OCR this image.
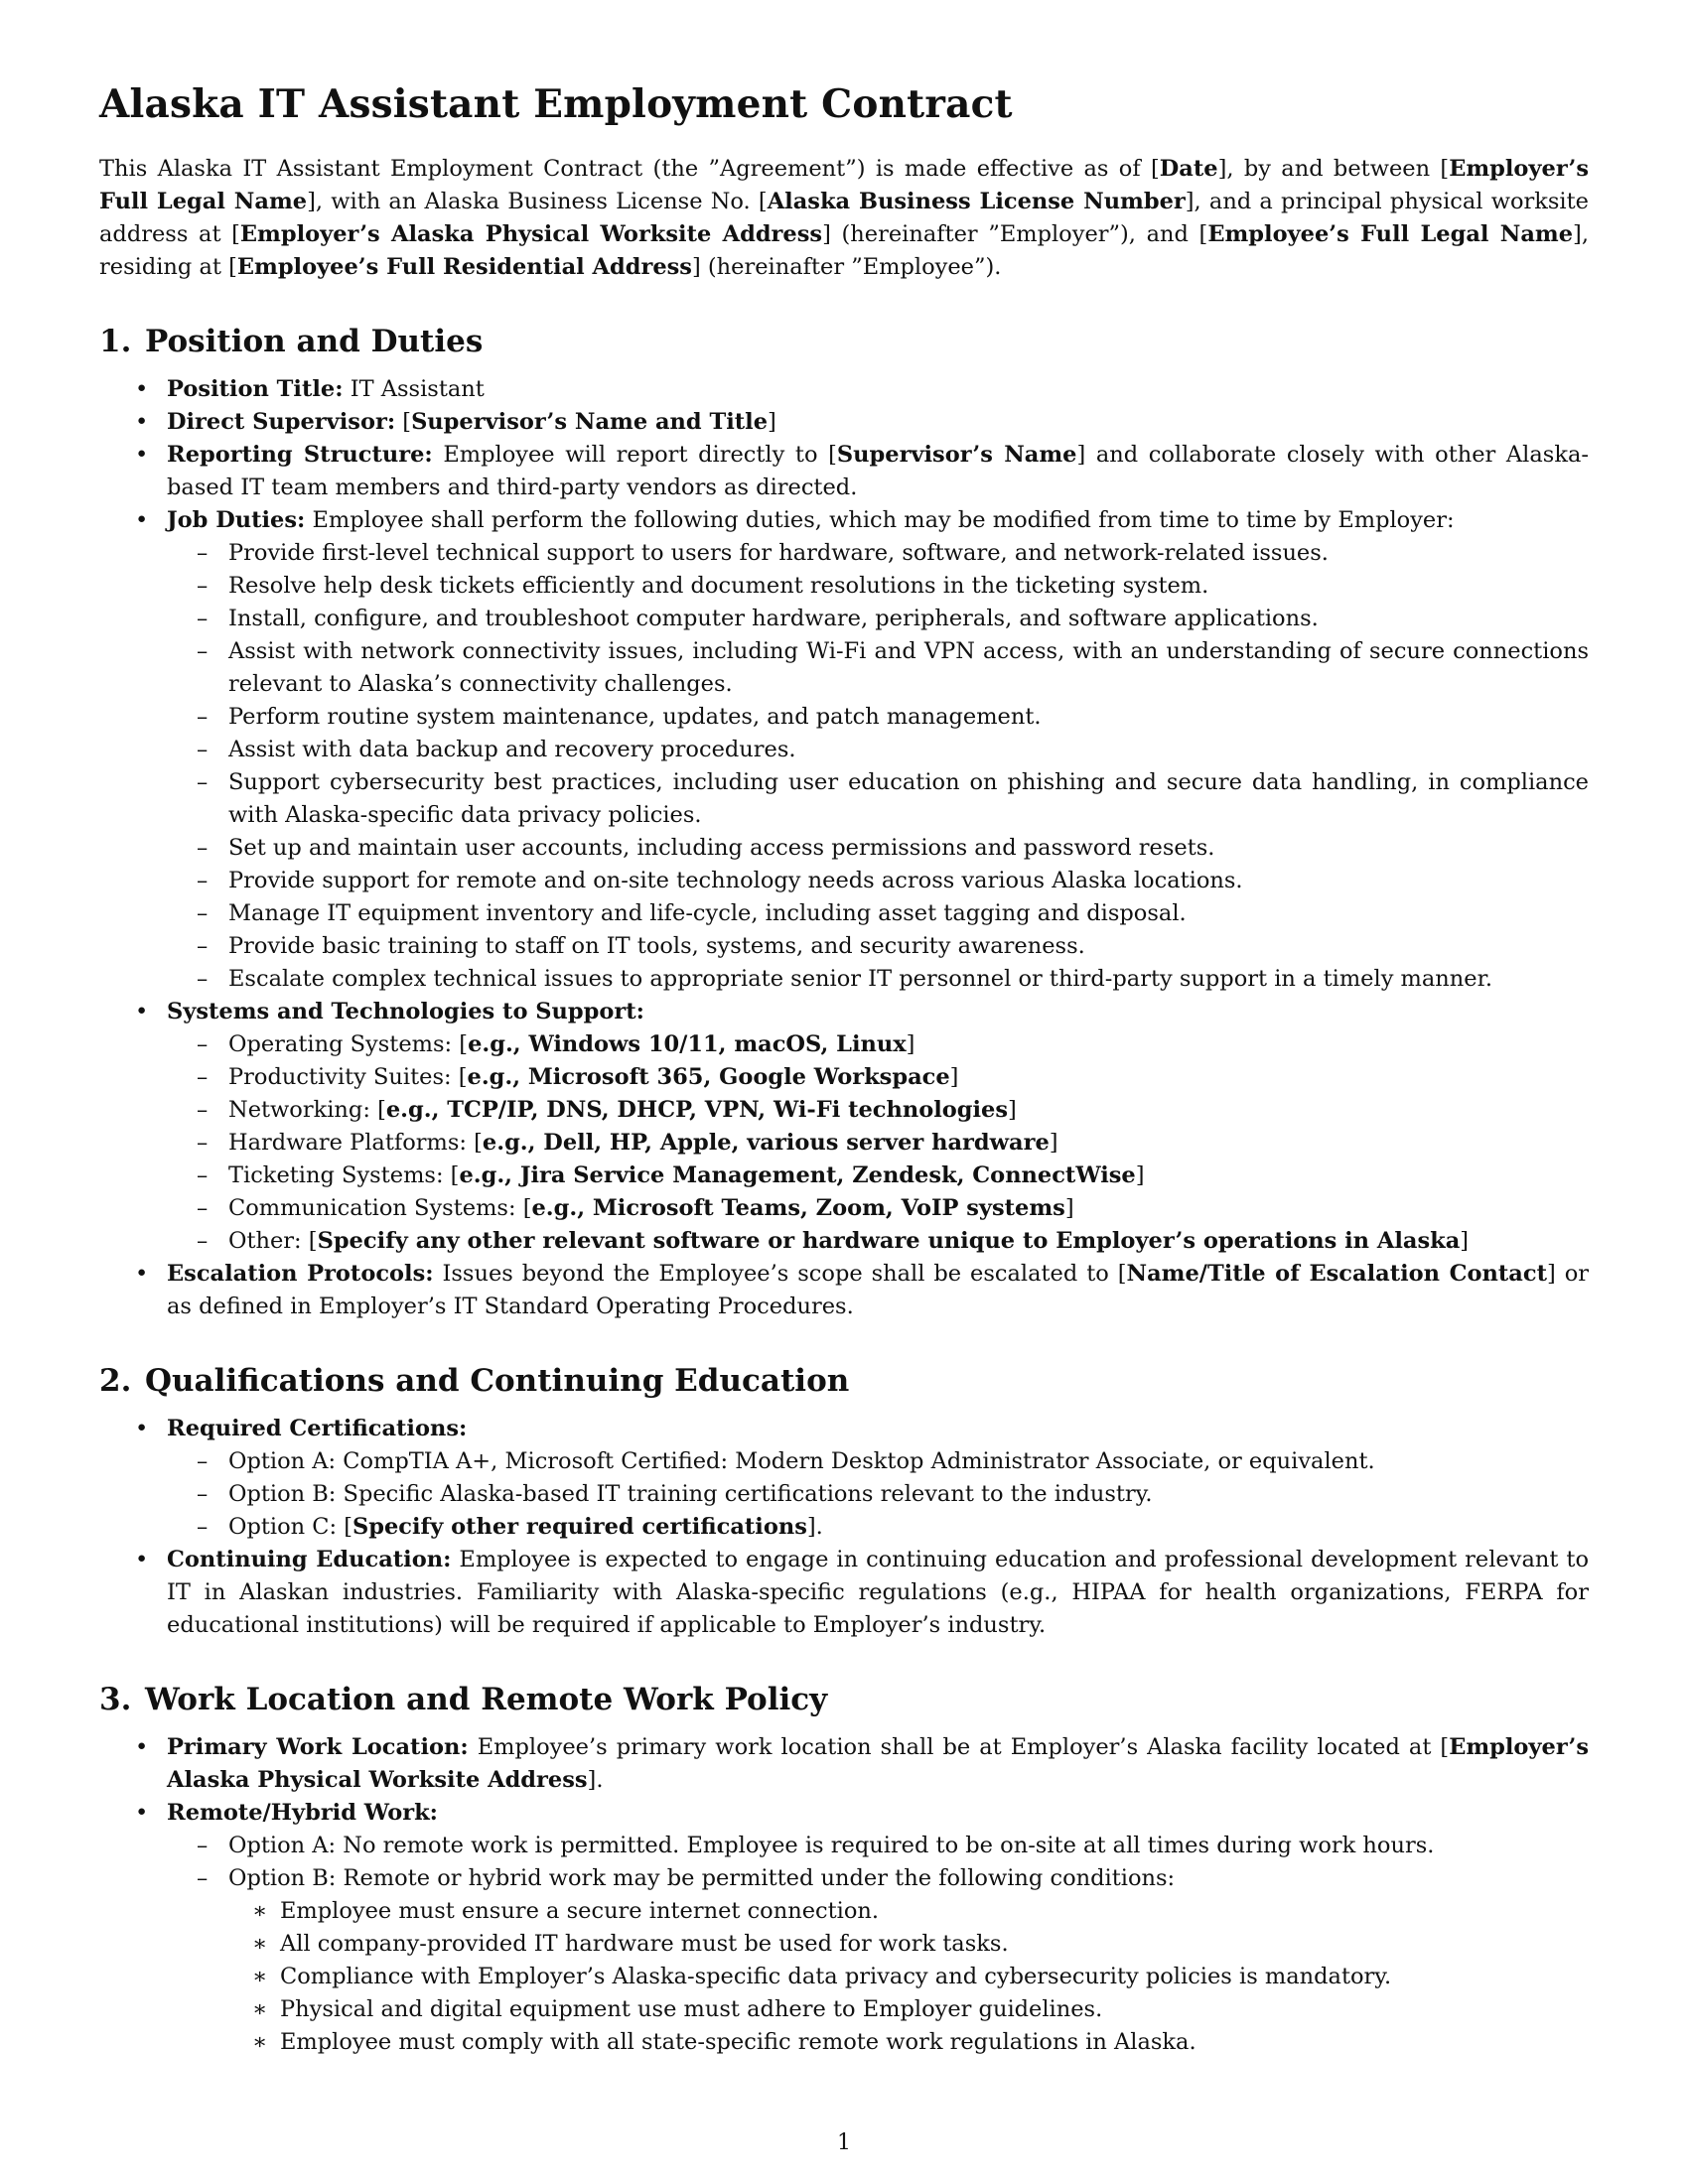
Alaska IT Assistant Employment Contract

This Alaska IT Assistant Employment Contract (the ”Agreement”) is made effective as of [Date], by and between [Employer’s Full Legal Name], with an Alaska Business License No. [Alaska Business License Number], and a principal physical worksite address at [Employer’s Alaska Physical Worksite Address] (hereinafter ”Employer”), and [Employee’s Full Legal Name], residing at [Employee’s Full Residential Address] (hereinafter ”Employee”).

1. Position and Duties
• Position Title: IT Assistant
• Direct Supervisor: [Supervisor’s Name and Title]
• Reporting Structure: Employee will report directly to [Supervisor’s Name] and collaborate closely with other Alaska-based IT team members and third-party vendors as directed.
• Job Duties: Employee shall perform the following duties, which may be modified from time to time by Employer:
– Provide first-level technical support to users for hardware, software, and network-related issues.
– Resolve help desk tickets efficiently and document resolutions in the ticketing system.
– Install, configure, and troubleshoot computer hardware, peripherals, and software applications.
– Assist with network connectivity issues, including Wi-Fi and VPN access, with an understanding of secure connections relevant to Alaska’s connectivity challenges.
– Perform routine system maintenance, updates, and patch management.
– Assist with data backup and recovery procedures.
– Support cybersecurity best practices, including user education on phishing and secure data handling, in compliance with Alaska-specific data privacy policies.
– Set up and maintain user accounts, including access permissions and password resets.
– Provide support for remote and on-site technology needs across various Alaska locations.
– Manage IT equipment inventory and life-cycle, including asset tagging and disposal.
– Provide basic training to staff on IT tools, systems, and security awareness.
– Escalate complex technical issues to appropriate senior IT personnel or third-party support in a timely manner.
• Systems and Technologies to Support:
– Operating Systems: [e.g., Windows 10/11, macOS, Linux]
– Productivity Suites: [e.g., Microsoft 365, Google Workspace]
– Networking: [e.g., TCP/IP, DNS, DHCP, VPN, Wi-Fi technologies]
– Hardware Platforms: [e.g., Dell, HP, Apple, various server hardware]
– Ticketing Systems: [e.g., Jira Service Management, Zendesk, ConnectWise]
– Communication Systems: [e.g., Microsoft Teams, Zoom, VoIP systems]
– Other: [Specify any other relevant software or hardware unique to Employer’s operations in Alaska]
• Escalation Protocols: Issues beyond the Employee’s scope shall be escalated to [Name/Title of Escalation Contact] or as defined in Employer’s IT Standard Operating Procedures.
2. Qualifications and Continuing Education
• Required Certifications:
– Option A: CompTIA A+, Microsoft Certified: Modern Desktop Administrator Associate, or equivalent.
– Option B: Specific Alaska-based IT training certifications relevant to the industry.
– Option C: [Specify other required certifications].
• Continuing Education: Employee is expected to engage in continuing education and professional development relevant to IT in Alaskan industries. Familiarity with Alaska-specific regulations (e.g., HIPAA for health organizations, FERPA for educational institutions) will be required if applicable to Employer’s industry.
3. Work Location and Remote Work Policy
• Primary Work Location: Employee’s primary work location shall be at Employer’s Alaska facility located at [Employer’s Alaska Physical Worksite Address].
• Remote/Hybrid Work:
– Option A: No remote work is permitted. Employee is required to be on-site at all times during work hours.
– Option B: Remote or hybrid work may be permitted under the following conditions:
∗ Employee must ensure a secure internet connection.
∗ All company-provided IT hardware must be used for work tasks.
∗ Compliance with Employer’s Alaska-specific data privacy and cybersecurity policies is mandatory.
∗ Physical and digital equipment use must adhere to Employer guidelines.
∗ Employee must comply with all state-specific remote work regulations in Alaska.
1
